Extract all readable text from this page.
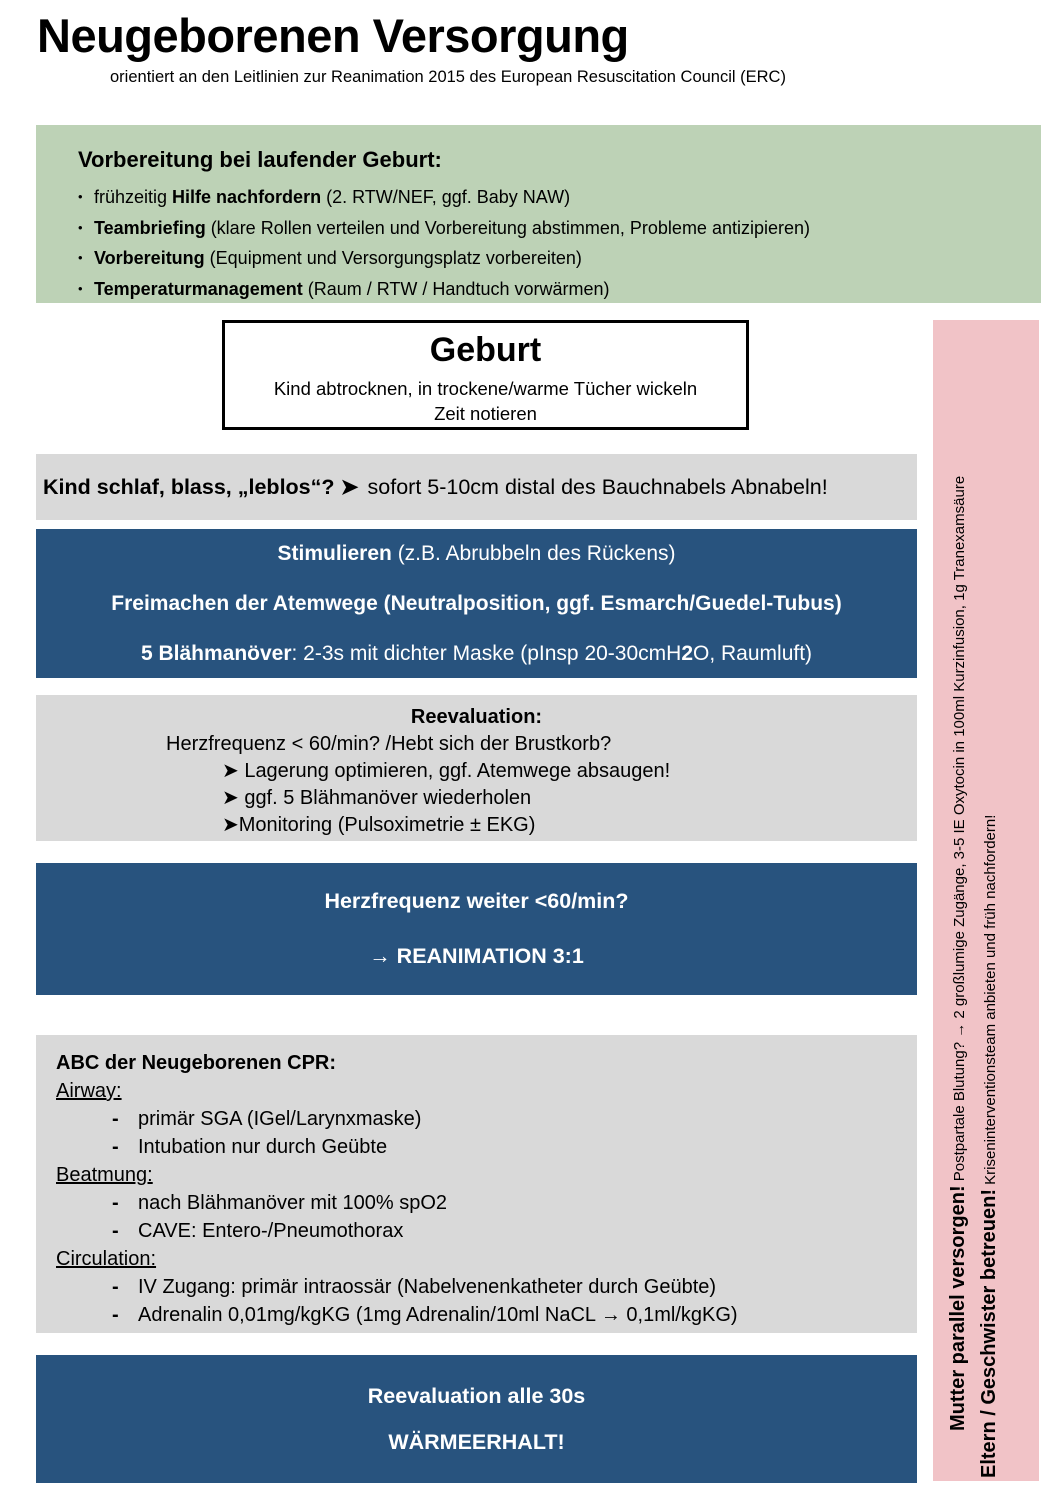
Neugeborenen Versorgung
orientiert an den Leitlinien zur Reanimation 2015 des European Resuscitation Council (ERC)
Vorbereitung bei laufender Geburt:
• frühzeitig Hilfe nachfordern (2. RTW/NEF, ggf. Baby NAW)
• Teambriefing (klare Rollen verteilen und Vorbereitung abstimmen, Probleme antizipieren)
• Vorbereitung (Equipment und Versorgungsplatz vorbereiten)
• Temperaturmanagement (Raum / RTW / Handtuch vorwärmen)
Geburt
Kind abtrocknen, in trockene/warme Tücher wickeln
Zeit notieren
Kind schlaf, blass, „leblos“? ➤ sofort 5-10cm distal des Bauchnabels Abnabeln!
Stimulieren (z.B. Abrubbeln des Rückens)
Freimachen der Atemwege (Neutralposition, ggf. Esmarch/Guedel-Tubus)
5 Blähmanöver: 2-3s mit dichter Maske (pInsp 20-30cmH2O, Raumluft)
Reevaluation:
Herzfrequenz < 60/min? /Hebt sich der Brustkorb?
➤ Lagerung optimieren, ggf. Atemwege absaugen!
➤ ggf. 5 Blähmanöver wiederholen
➤Monitoring (Pulsoximetrie ± EKG)
Herzfrequenz weiter <60/min?
→ REANIMATION 3:1
ABC der Neugeborenen CPR:
Airway:
- primär SGA (IGel/Larynxmaske)
- Intubation nur durch Geübte
Beatmung:
- nach Blähmanöver mit 100% spO2
- CAVE: Entero-/Pneumothorax
Circulation:
- IV Zugang: primär intraossär (Nabelvenenkatheter durch Geübte)
- Adrenalin 0,01mg/kgKG (1mg Adrenalin/10ml NaCL → 0,1ml/kgKG)
Reevaluation alle 30s
WÄRMEERHALT!
Mutter parallel versorgen! Postpartale Blutung? → 2 großlumige Zugänge, 3-5 IE Oxytocin in 100ml Kurzinfusion, 1g Tranexamsäure
Eltern / Geschwister betreuen! Kriseninterventionsteam anbieten und früh nachfordern!
